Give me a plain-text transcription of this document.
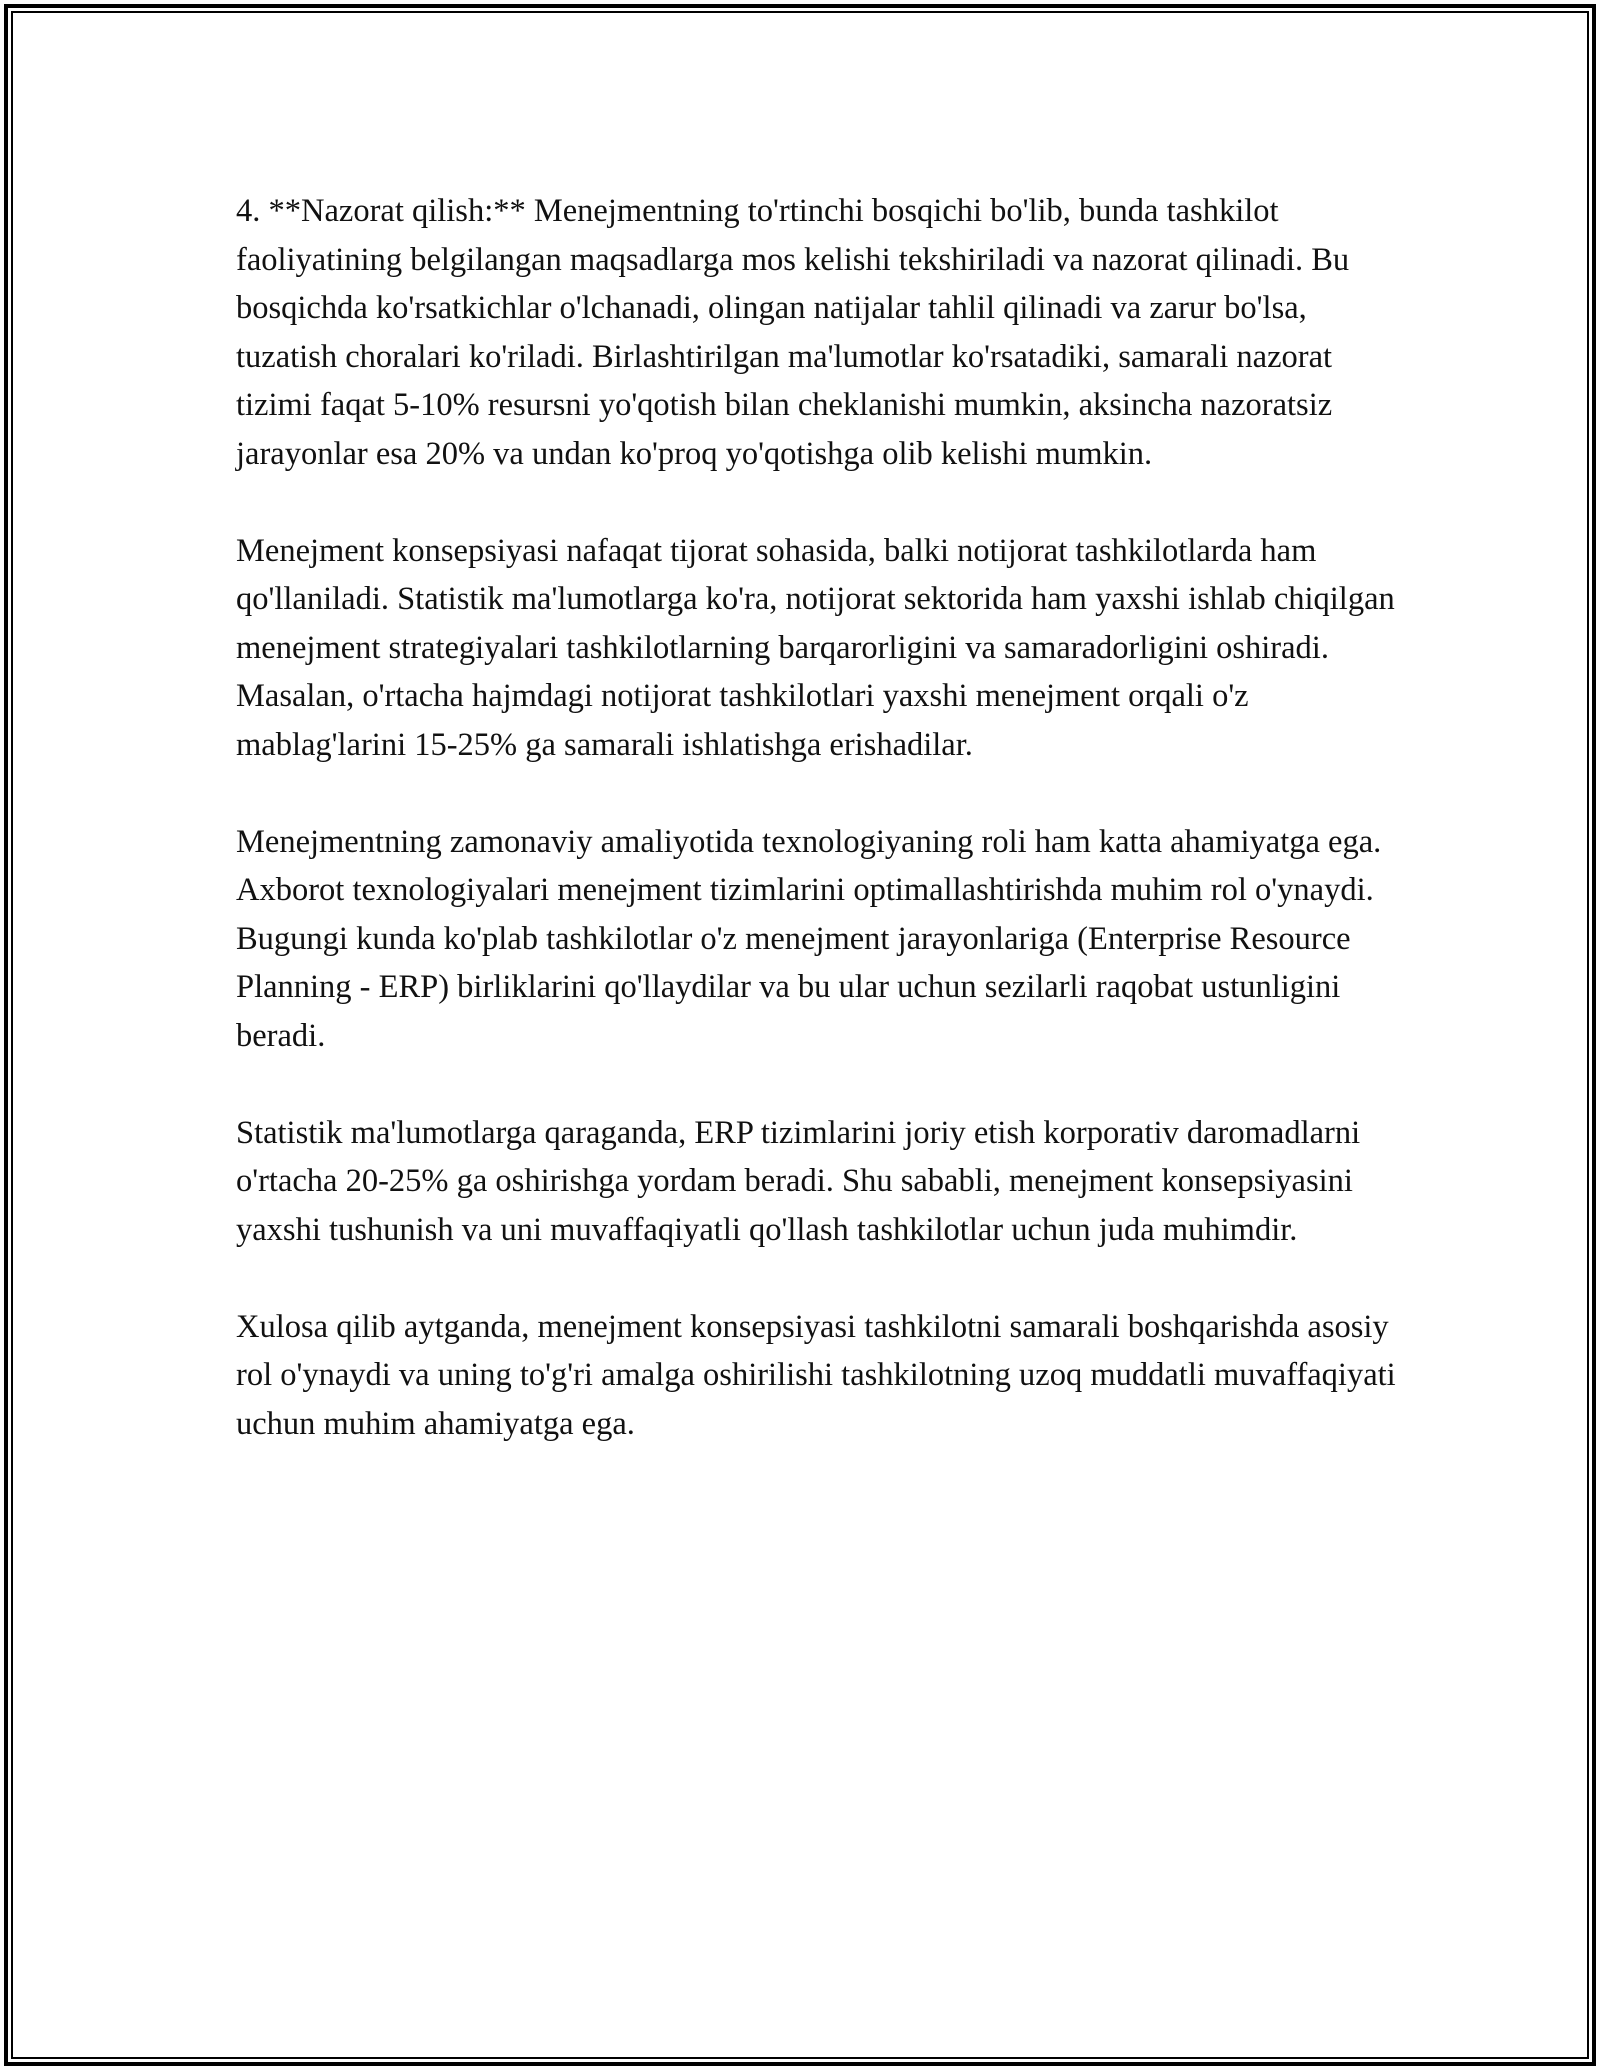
4. **Nazorat qilish:** Menejmentning to'rtinchi bosqichi bo'lib, bunda tashkilot faoliyatining belgilangan maqsadlarga mos kelishi tekshiriladi va nazorat qilinadi. Bu bosqichda ko'rsatkichlar o'lchanadi, olingan natijalar tahlil qilinadi va zarur bo'lsa, tuzatish choralari ko'riladi. Birlashtirilgan ma'lumotlar ko'rsatadiki, samarali nazorat tizimi faqat 5-10% resursni yo'qotish bilan cheklanishi mumkin, aksincha nazoratsiz jarayonlar esa 20% va undan ko'proq yo'qotishga olib kelishi mumkin.

Menejment konsepsiyasi nafaqat tijorat sohasida, balki notijorat tashkilotlarda ham qo'llaniladi. Statistik ma'lumotlarga ko'ra, notijorat sektorida ham yaxshi ishlab chiqilgan menejment strategiyalari tashkilotlarning barqarorligini va samaradorligini oshiradi. Masalan, o'rtacha hajmdagi notijorat tashkilotlari yaxshi menejment orqali o'z mablag'larini 15-25% ga samarali ishlatishga erishadilar.

Menejmentning zamonaviy amaliyotida texnologiyaning roli ham katta ahamiyatga ega. Axborot texnologiyalari menejment tizimlarini optimallashtirishda muhim rol o'ynaydi. Bugungi kunda ko'plab tashkilotlar o'z menejment jarayonlariga (Enterprise Resource Planning - ERP) birliklarini qo'llaydilar va bu ular uchun sezilarli raqobat ustunligini beradi.

Statistik ma'lumotlarga qaraganda, ERP tizimlarini joriy etish korporativ daromadlarni o'rtacha 20-25% ga oshirishga yordam beradi. Shu sababli, menejment konsepsiyasini yaxshi tushunish va uni muvaffaqiyatli qo'llash tashkilotlar uchun juda muhimdir.

Xulosa qilib aytganda, menejment konsepsiyasi tashkilotni samarali boshqarishda asosiy rol o'ynaydi va uning to'g'ri amalga oshirilishi tashkilotning uzoq muddatli muvaffaqiyati uchun muhim ahamiyatga ega.
